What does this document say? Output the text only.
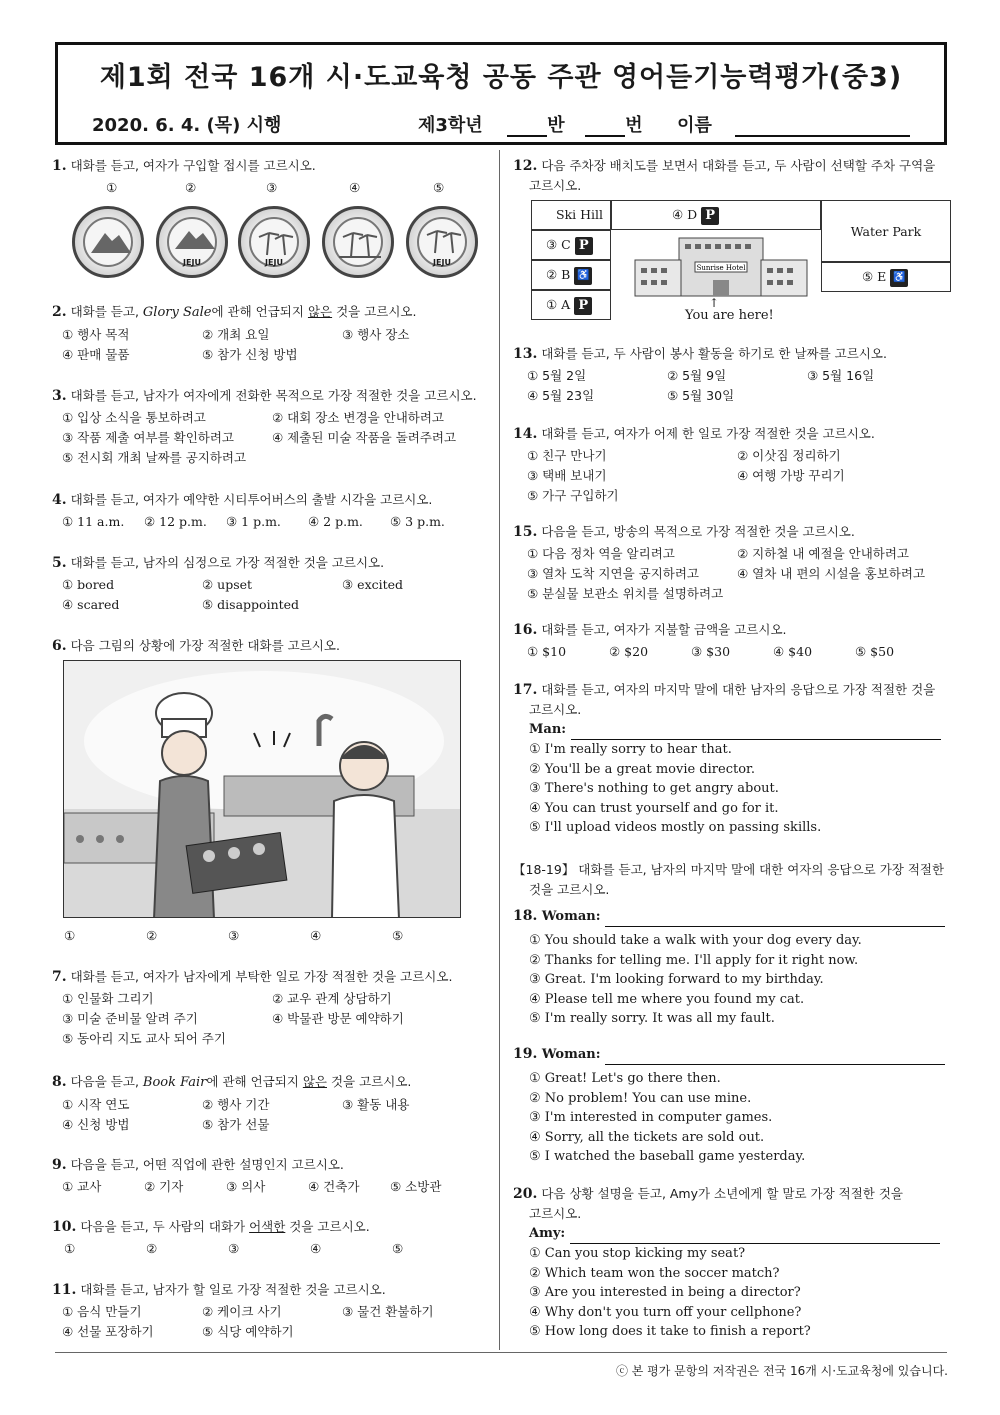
제1회 전국 16개 시·도교육청 공동 주관 영어듣기능력평가(중3)
2020. 6. 4. (목) 시행	제3학년	반	번 이름
1. 대화를 듣고, 여자가 구입할 접시를 고르시오.
①	②	③	④	⑤
JEJU	JEJU	JEJU
2. 대화를 듣고, Glory Sale에 관해 언급되지 않은 것을 고르시오.
① 행사 목적	② 개최 요일	③ 행사 장소
④ 판매 물품	⑤ 참가 신청 방법
3. 대화를 듣고, 남자가 여자에게 전화한 목적으로 가장 적절한 것을 고르시오.
① 입상 소식을 통보하려고	② 대회 장소 변경을 안내하려고
③ 작품 제출 여부를 확인하려고	④ 제출된 미술 작품을 돌려주려고
⑤ 전시회 개최 날짜를 공지하려고
4. 대화를 듣고, 여자가 예약한 시티투어버스의 출발 시각을 고르시오.
① 11 a.m. ② 12 p.m. ③ 1 p.m. ④ 2 p.m. ⑤ 3 p.m.
5. 대화를 듣고, 남자의 심정으로 가장 적절한 것을 고르시오.
① bored	② upset	③ excited
④ scared	⑤ disappointed
6. 다음 그림의 상황에 가장 적절한 대화를 고르시오.
①	②	③	④	⑤
7. 대화를 듣고, 여자가 남자에게 부탁한 일로 가장 적절한 것을 고르시오.
① 인물화 그리기	② 교우 관계 상담하기
③ 미술 준비물 알려 주기	④ 박물관 방문 예약하기
⑤ 동아리 지도 교사 되어 주기
8. 다음을 듣고, Book Fair에 관해 언급되지 않은 것을 고르시오.
① 시작 연도	② 행사 기간	③ 활동 내용
④ 신청 방법	⑤ 참가 선물
9. 다음을 듣고, 어떤 직업에 관한 설명인지 고르시오.
① 교사	② 기자	③ 의사	④ 건축가 ⑤ 소방관
10. 다음을 듣고, 두 사람의 대화가 어색한 것을 고르시오.
①	②	③	④	⑤
11. 대화를 듣고, 남자가 할 일로 가장 적절한 것을 고르시오.
① 음식 만들기	② 케이크 사기	③ 물건 환불하기
④ 선물 포장하기	⑤ 식당 예약하기
12. 다음 주차장 배치도를 보면서 대화를 듣고, 두 사람이 선택할 주차 구역을
고르시오.
Ski Hill	④ D P
Water Park
③ C P
② B ♿
① A P
⑤ E ♿
Sunrise Hotel
↑
You are here!
13. 대화를 듣고, 두 사람이 봉사 활동을 하기로 한 날짜를 고르시오.
① 5월 2일	② 5월 9일	③ 5월 16일
④ 5월 23일	⑤ 5월 30일
14. 대화를 듣고, 여자가 어제 한 일로 가장 적절한 것을 고르시오.
① 친구 만나기	② 이삿짐 정리하기
③ 택배 보내기	④ 여행 가방 꾸리기
⑤ 가구 구입하기
15. 다음을 듣고, 방송의 목적으로 가장 적절한 것을 고르시오.
① 다음 정차 역을 알리려고	② 지하철 내 예절을 안내하려고
③ 열차 도착 지연을 공지하려고	④ 열차 내 편의 시설을 홍보하려고
⑤ 분실물 보관소 위치를 설명하려고
16. 대화를 듣고, 여자가 지불할 금액을 고르시오.
① $10	② $20	③ $30	④ $40	⑤ $50
17. 대화를 듣고, 여자의 마지막 말에 대한 남자의 응답으로 가장 적절한 것을
고르시오.
Man:
① I'm really sorry to hear that.
② You'll be a great movie director.
③ There's nothing to get angry about.
④ You can trust yourself and go for it.
⑤ I'll upload videos mostly on passing skills.
【18-19】 대화를 듣고, 남자의 마지막 말에 대한 여자의 응답으로 가장 적절한
것을 고르시오.
18. Woman:
① You should take a walk with your dog every day.
② Thanks for telling me. I'll apply for it right now.
③ Great. I'm looking forward to my birthday.
④ Please tell me where you found my cat.
⑤ I'm really sorry. It was all my fault.
19. Woman:
① Great! Let's go there then.
② No problem! You can use mine.
③ I'm interested in computer games.
④ Sorry, all the tickets are sold out.
⑤ I watched the baseball game yesterday.
20. 다음 상황 설명을 듣고, Amy가 소년에게 할 말로 가장 적절한 것을
고르시오.
Amy:
① Can you stop kicking my seat?
② Which team won the soccer match?
③ Are you interested in being a director?
④ Why don't you turn off your cellphone?
⑤ How long does it take to finish a report?
ⓒ 본 평가 문항의 저작권은 전국 16개 시·도교육청에 있습니다.
